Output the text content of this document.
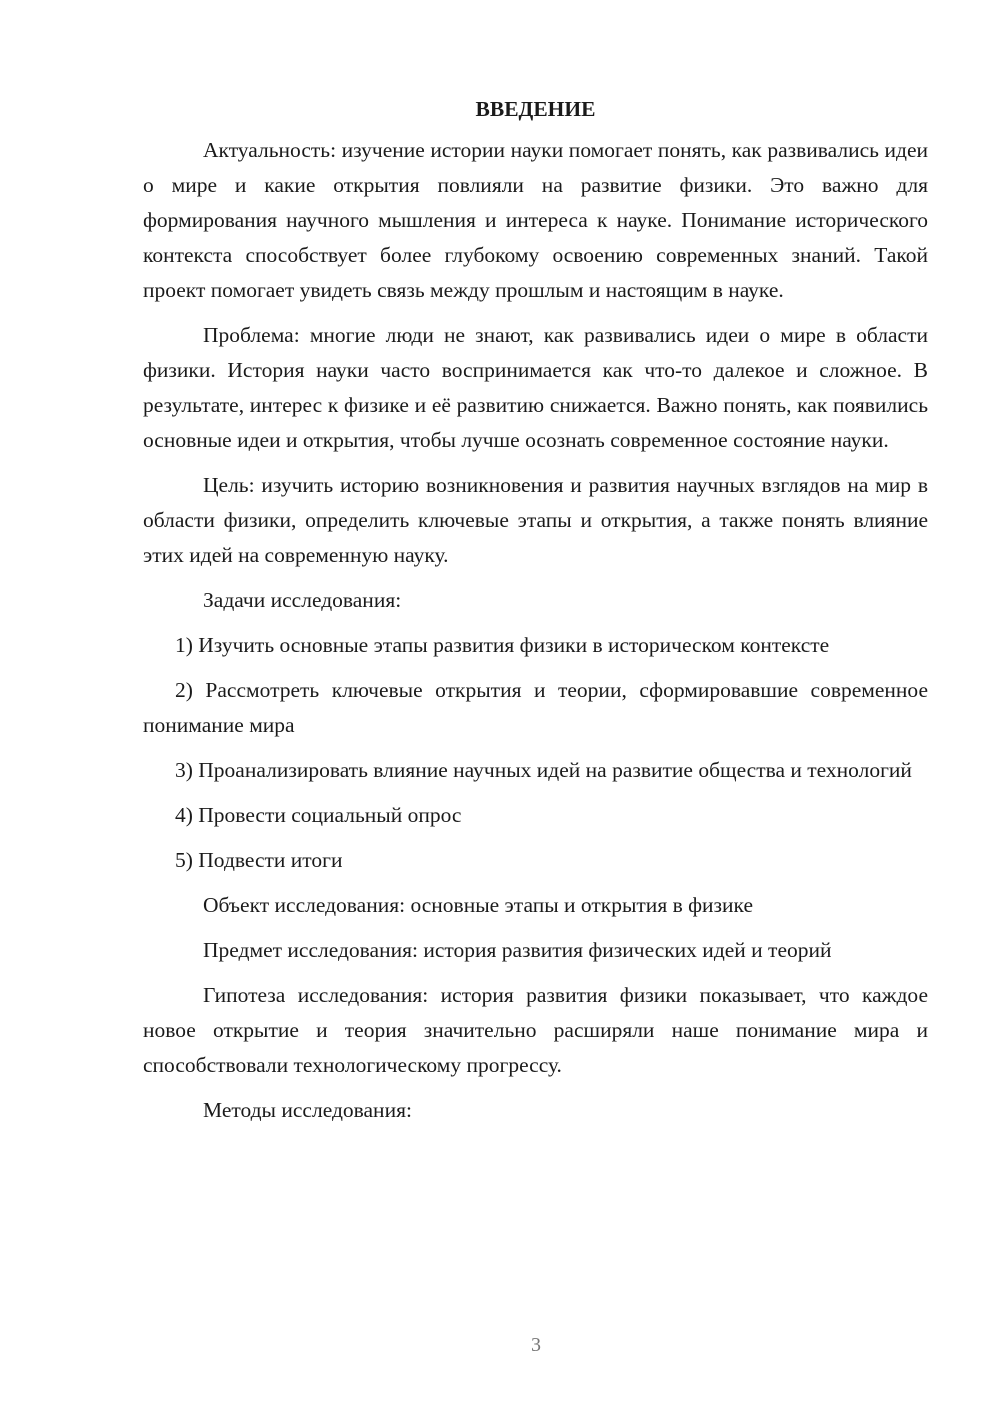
ВВЕДЕНИЕ

Актуальность: изучение истории науки помогает понять, как развивались идеи о мире и какие открытия повлияли на развитие физики. Это важно для формирования научного мышления и интереса к науке. Понимание исторического контекста способствует более глубокому освоению современных знаний. Такой проект помогает увидеть связь между прошлым и настоящим в науке.

Проблема: многие люди не знают, как развивались идеи о мире в области физики. История науки часто воспринимается как что-то далекое и сложное. В результате, интерес к физике и её развитию снижается. Важно понять, как появились основные идеи и открытия, чтобы лучше осознать современное состояние науки.

Цель: изучить историю возникновения и развития научных взглядов на мир в области физики, определить ключевые этапы и открытия, а также понять влияние этих идей на современную науку.

Задачи исследования:

1) Изучить основные этапы развития физики в историческом контексте

2) Рассмотреть ключевые открытия и теории, сформировавшие современное понимание мира

3) Проанализировать влияние научных идей на развитие общества и технологий

4) Провести социальный опрос

5) Подвести итоги

Объект исследования: основные этапы и открытия в физике

Предмет исследования: история развития физических идей и теорий

Гипотеза исследования: история развития физики показывает, что каждое новое открытие и теория значительно расширяли наше понимание мира и способствовали технологическому прогрессу.

Методы исследования:

3
